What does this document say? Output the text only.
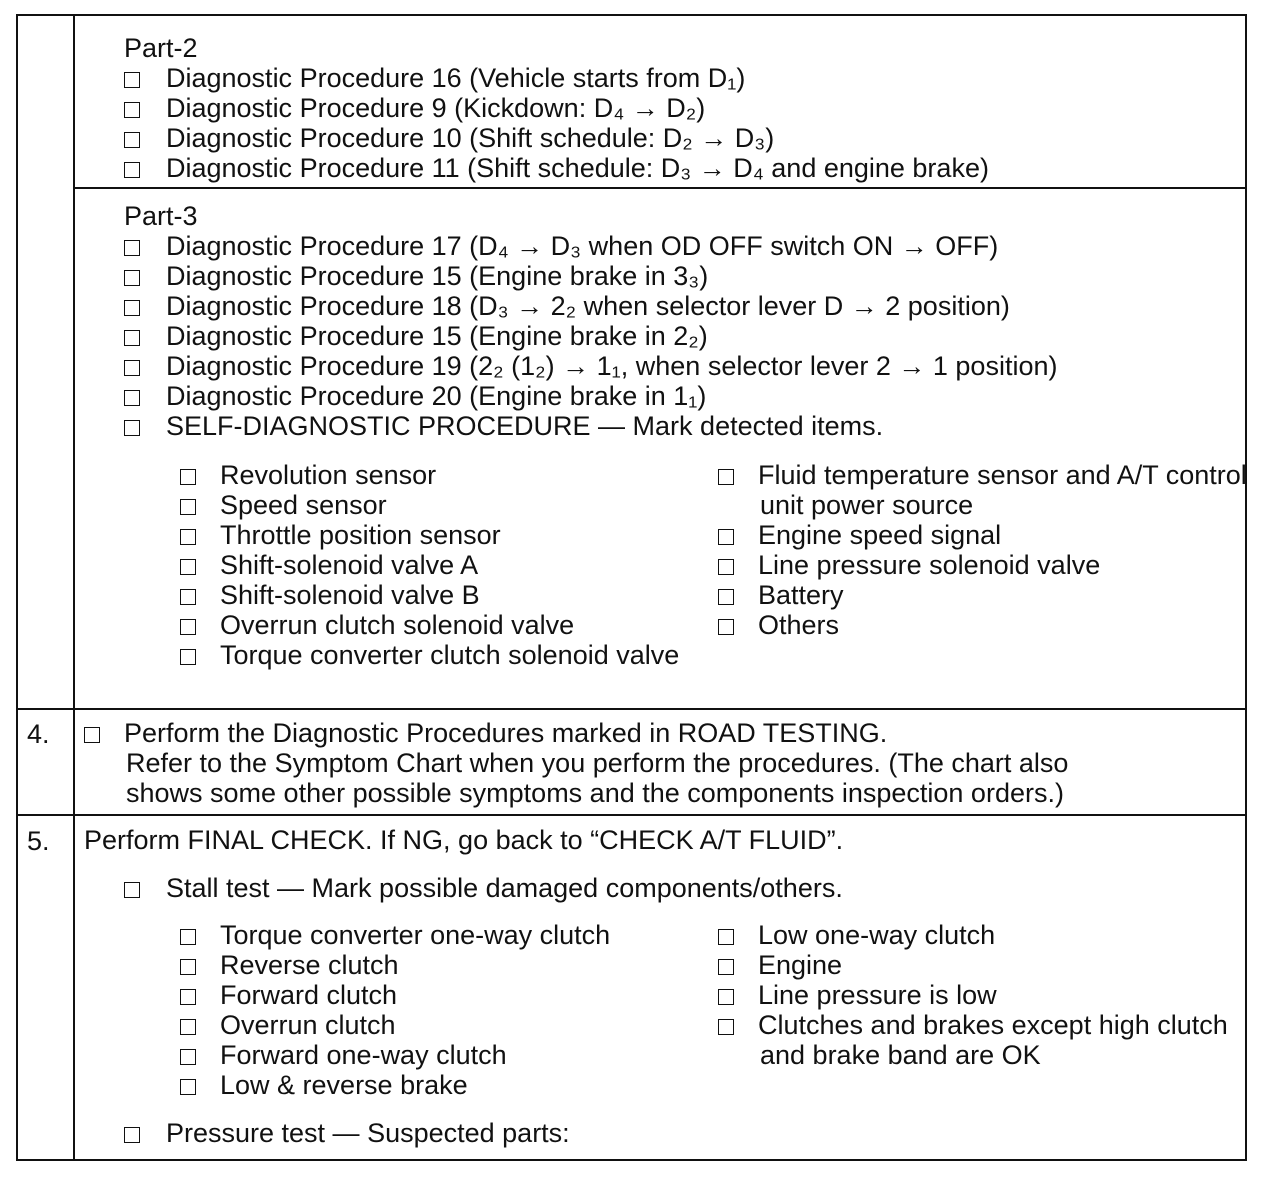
Part-2
Diagnostic Procedure 16 (Vehicle starts from D₁)
Diagnostic Procedure 9 (Kickdown: D₄ → D₂)
Diagnostic Procedure 10 (Shift schedule: D₂ → D₃)
Diagnostic Procedure 11 (Shift schedule: D₃ → D₄ and engine brake)
Part-3
Diagnostic Procedure 17 (D₄ → D₃ when OD OFF switch ON → OFF)
Diagnostic Procedure 15 (Engine brake in 3₃)
Diagnostic Procedure 18 (D₃ → 2₂ when selector lever D → 2 position)
Diagnostic Procedure 15 (Engine brake in 2₂)
Diagnostic Procedure 19 (2₂ (1₂) → 1₁, when selector lever 2 → 1 position)
Diagnostic Procedure 20 (Engine brake in 1₁)
SELF-DIAGNOSTIC PROCEDURE — Mark detected items.
Revolution sensor
Speed sensor
Throttle position sensor
Shift-solenoid valve A
Shift-solenoid valve B
Overrun clutch solenoid valve
Torque converter clutch solenoid valve
Fluid temperature sensor and A/T control unit power source
Engine speed signal
Line pressure solenoid valve
Battery
Others
4.	Perform the Diagnostic Procedures marked in ROAD TESTING.
Refer to the Symptom Chart when you perform the procedures. (The chart also
shows some other possible symptoms and the components inspection orders.)
5. Perform FINAL CHECK. If NG, go back to “CHECK A/T FLUID”.
Stall test — Mark possible damaged components/others.
Torque converter one-way clutch
Reverse clutch
Forward clutch
Overrun clutch
Forward one-way clutch
Low & reverse brake
Low one-way clutch
Engine
Line pressure is low
Clutches and brakes except high clutch and brake band are OK
Pressure test — Suspected parts:
